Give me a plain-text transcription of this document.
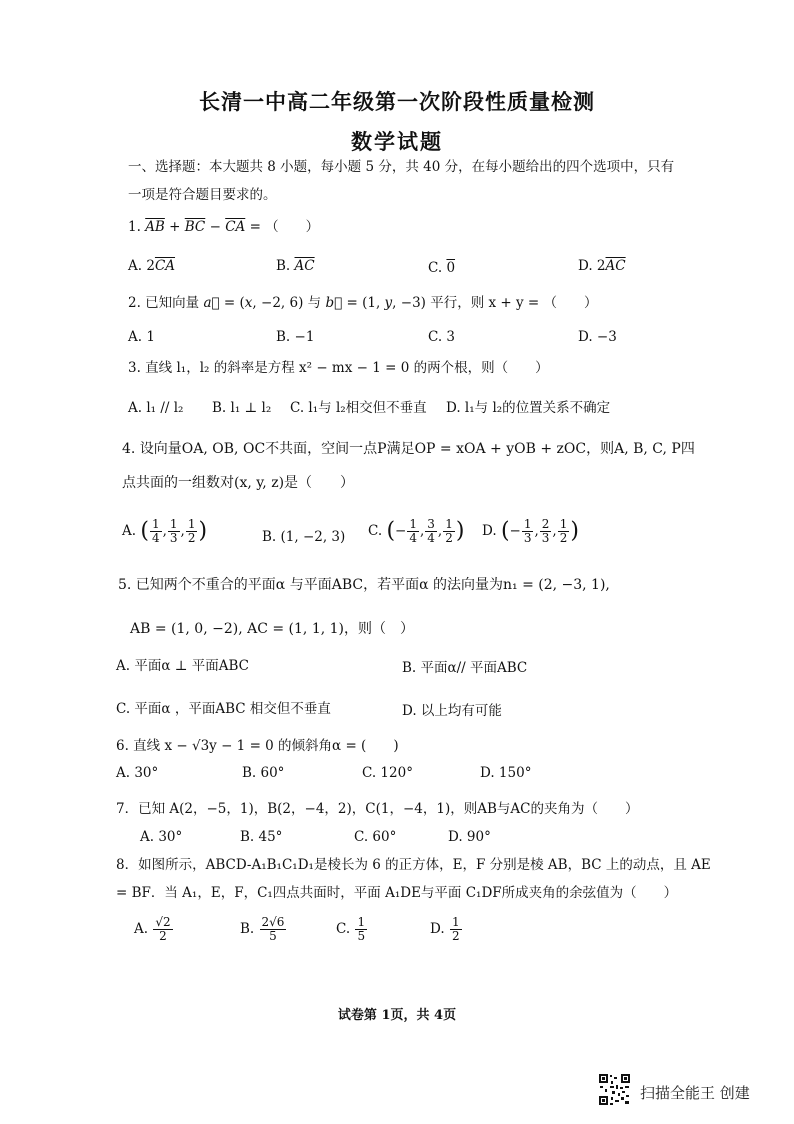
长清一中高二年级第一次阶段性质量检测
数学试题
一、选择题：本大题共 8 小题，每小题 5 分，共 40 分，在每小题给出的四个选项中，只有
一项是符合题目要求的。
1. $\overline{AB} + \overline{BC} - \overline{CA}$ = （　　）
A. $2\overline{CA}$	B. $\overline{AC}$	C. 0	D. $2\overline{AC}$
2. 已知向量 a⃗ = (x, −2, 6) 与 b⃗ = (1, y, −3) 平行，则 x + y = （　　）
A. 1	B. −1	C. 3	D. −3
3. 直线 l₁，l₂ 的斜率是方程 x² − mx − 1 = 0 的两个根，则（　　）
A. l₁ // l₂ B. l₁ ⊥ l₂ C. l₁与 l₂相交但不垂直 D. l₁与 l₂的位置关系不确定
4. 设向量OA, OB, OC不共面，空间一点P满足OP = xOA + yOB + zOC，则A, B, C, P四
点共面的一组数对(x, y, z)是（　　）
A. ( $\frac{1}{4}$ , $\frac{1}{3}$ , $\frac{1}{2}$ )	B. (1, −2, 3) C. (− $\frac{1}{4}$ , $\frac{3}{4}$ , $\frac{1}{2}$ ) D. (− $\frac{1}{3}$ , $\frac{2}{3}$ , $\frac{1}{2}$ )
5. 已知两个不重合的平面α 与平面ABC，若平面α 的法向量为n₁ = (2, −3, 1),
AB = (1, 0, −2), AC = (1, 1, 1)，则（　）
A. 平面α ⊥ 平面ABC	B. 平面α// 平面ABC
C. 平面α ，平面ABC 相交但不垂直	D. 以上均有可能
6. 直线 x − √3y − 1 = 0 的倾斜角α = (　　)
A. 30°	B. 60°	C. 120°	D. 150°
7．已知 A(2，−5，1)，B(2，−4，2)，C(1，−4，1)，则AB与AC的夹角为（　　）
A. 30°	B. 45°	C. 60°	D. 90°
8．如图所示，ABCD-A₁B₁C₁D₁是棱长为 6 的正方体，E，F 分别是棱 AB，BC 上的动点，且 AE
= BF．当 A₁，E，F，C₁四点共面时，平面 A₁DE与平面 C₁DF所成夹角的余弦值为（　　）
A. $\frac{√2}{2}$	B. $\frac{2√6}{5}$	C. $\frac{1}{5}$	D. $\frac{1}{2}$
试卷第 1页，共 4页
扫描全能王 创建
